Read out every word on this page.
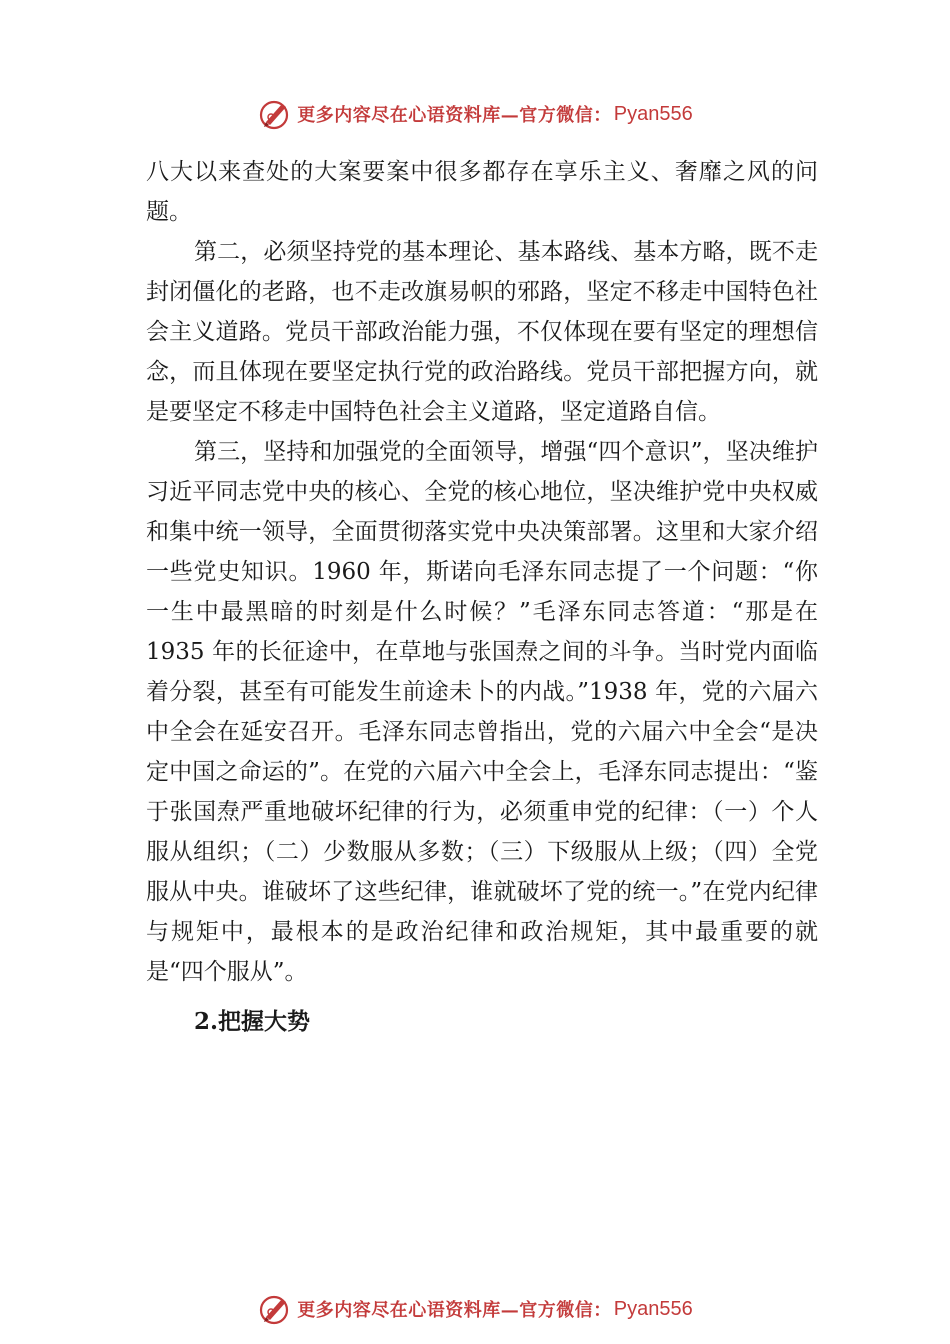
更多内容尽在心语资料库—官方微信： Pyan556

八大以来查处的大案要案中很多都存在享乐主义、奢靡之风的问题。

第二，必须坚持党的基本理论、基本路线、基本方略，既不走封闭僵化的老路，也不走改旗易帜的邪路，坚定不移走中国特色社会主义道路。党员干部政治能力强，不仅体现在要有坚定的理想信念，而且体现在要坚定执行党的政治路线。党员干部把握方向，就是要坚定不移走中国特色社会主义道路，坚定道路自信。

第三，坚持和加强党的全面领导，增强“四个意识”，坚决维护习近平同志党中央的核心、全党的核心地位，坚决维护党中央权威和集中统一领导，全面贯彻落实党中央决策部署。这里和大家介绍一些党史知识。1960 年，斯诺向毛泽东同志提了一个问题：“你一生中最黑暗的时刻是什么时候？”毛泽东同志答道：“那是在 1935 年的长征途中，在草地与张国焘之间的斗争。当时党内面临着分裂，甚至有可能发生前途未卜的内战。”1938 年，党的六届六中全会在延安召开。毛泽东同志曾指出，党的六届六中全会“是决定中国之命运的”。在党的六届六中全会上，毛泽东同志提出：“鉴于张国焘严重地破坏纪律的行为，必须重申党的纪律：（一）个人服从组织；（二）少数服从多数；（三）下级服从上级；（四）全党服从中央。谁破坏了这些纪律，谁就破坏了党的统一。”在党内纪律与规矩中，最根本的是政治纪律和政治规矩，其中最重要的就是“四个服从”。

2.把握大势
更多内容尽在心语资料库—官方微信： Pyan556
